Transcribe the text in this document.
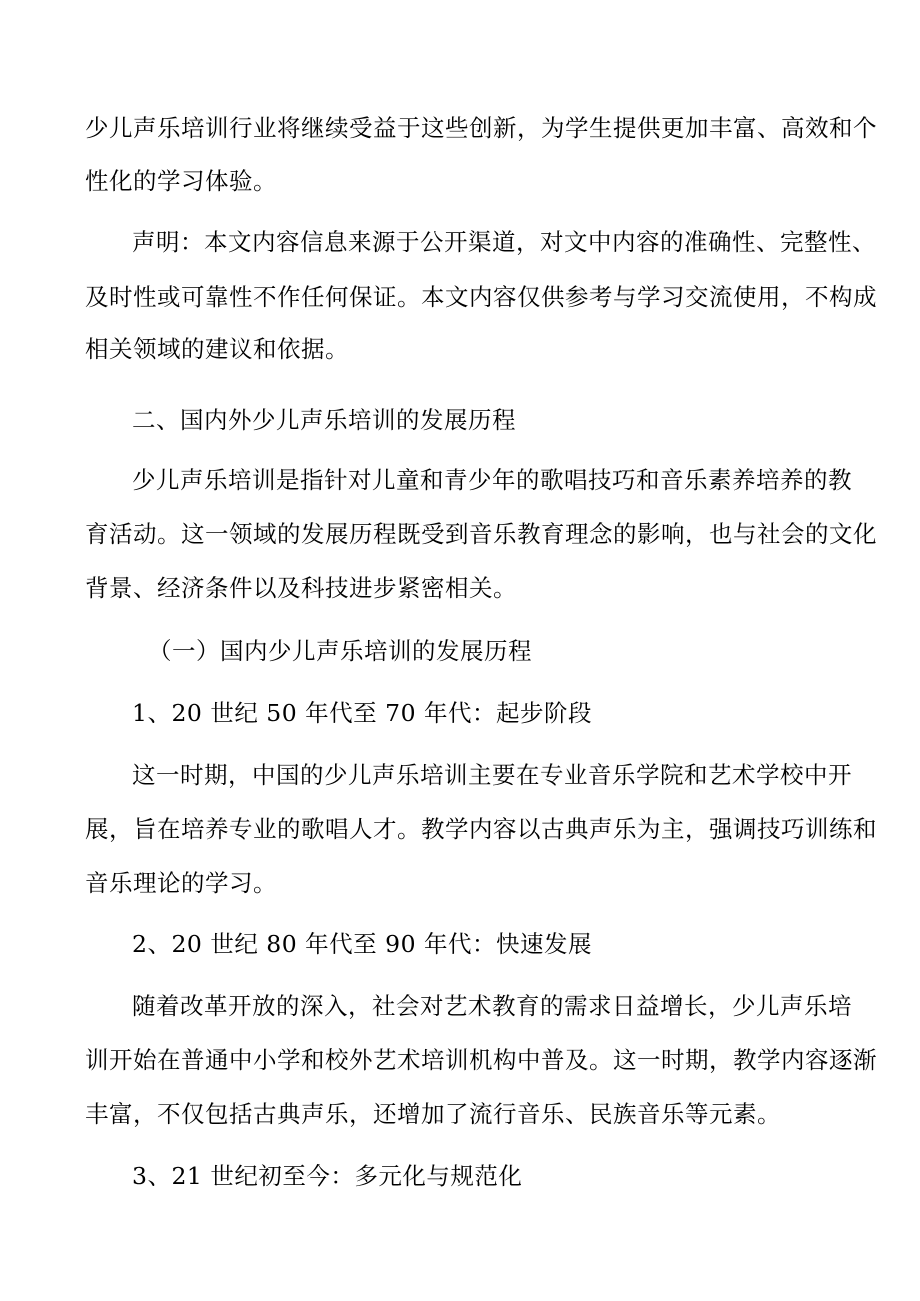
少儿声乐培训行业将继续受益于这些创新，为学生提供更加丰富、高效和个
性化的学习体验。
声明：本文内容信息来源于公开渠道，对文中内容的准确性、完整性、
及时性或可靠性不作任何保证。本文内容仅供参考与学习交流使用，不构成
相关领域的建议和依据。
二、国内外少儿声乐培训的发展历程
少儿声乐培训是指针对儿童和青少年的歌唱技巧和音乐素养培养的教
育活动。这一领域的发展历程既受到音乐教育理念的影响，也与社会的文化
背景、经济条件以及科技进步紧密相关。
（一）国内少儿声乐培训的发展历程
1、20 世纪 50 年代至 70 年代：起步阶段
这一时期，中国的少儿声乐培训主要在专业音乐学院和艺术学校中开
展，旨在培养专业的歌唱人才。教学内容以古典声乐为主，强调技巧训练和
音乐理论的学习。
2、20 世纪 80 年代至 90 年代：快速发展
随着改革开放的深入，社会对艺术教育的需求日益增长，少儿声乐培
训开始在普通中小学和校外艺术培训机构中普及。这一时期，教学内容逐渐
丰富，不仅包括古典声乐，还增加了流行音乐、民族音乐等元素。
3、21 世纪初至今：多元化与规范化
